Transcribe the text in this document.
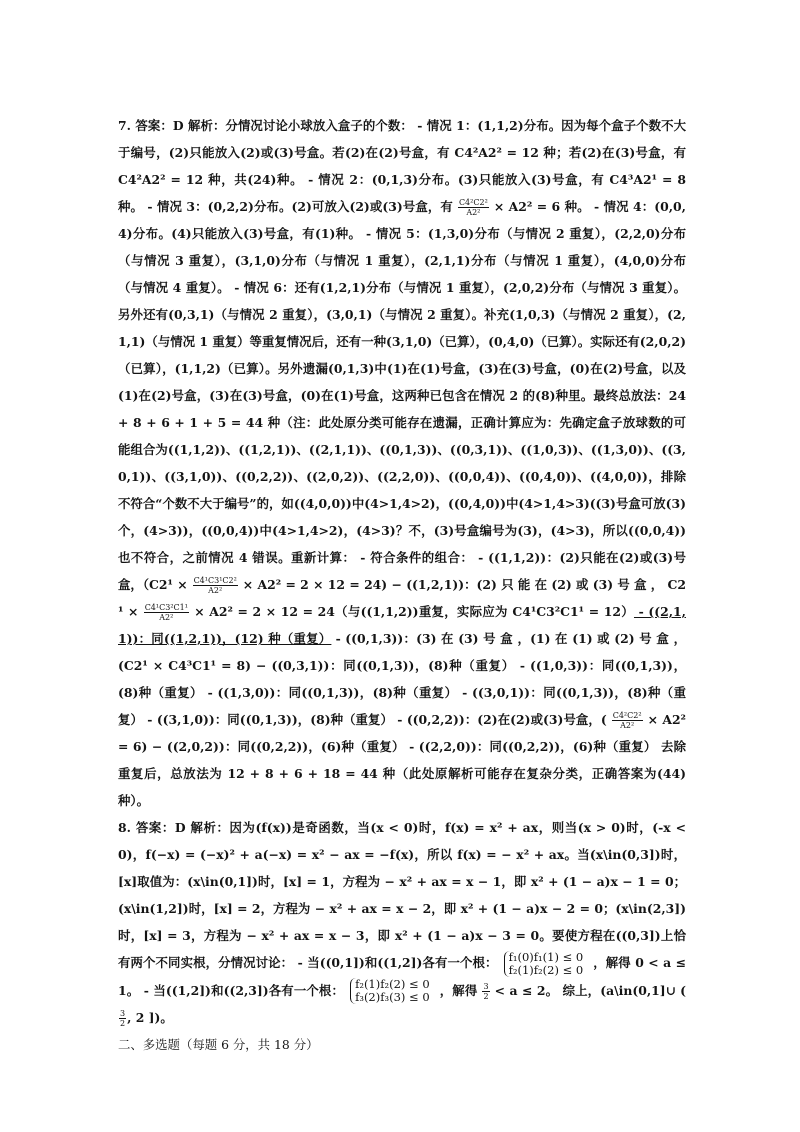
7. 答案：D 解析：分情况讨论小球放入盒子的个数： - 情况 1：(1,1,2)分布。因为每个盒子个数不大于编号，(2)只能放入(2)或(3)号盒。若(2)在(2)号盒，有 C4²A2² = 12 种；若(2)在(3)号盒，有 C4²A2² = 12 种，共(24)种。 - 情况 2：(0,1,3)分布。(3)只能放入(3)号盒，有 C4³A2¹ = 8 种。 - 情况 3：(0,2,2)分布。(2)可放入(2)或(3)号盒，有 $\frac{\text{C4²C2²}}{\text{A2²}} \times A2^2 = 6$ 种。 - 情况 4：(0,0,4)分布。(4)只能放入(3)号盒，有(1)种。 - 情况 5：(1,3,0)分布（与情况 2 重复），(2,2,0)分布（与情况 3 重复），(3,1,0)分布（与情况 1 重复），(2,1,1)分布（与情况 1 重复），(4,0,0)分布（与情况 4 重复）。 - 情况 6：还有(1,2,1)分布（与情况 1 重复），(2,0,2)分布（与情况 3 重复）。 另外还有(0,3,1)（与情况 2 重复），(3,0,1)（与情况 2 重复）。补充(1,0,3)（与情况 2 重复），(2,1,1)（与情况 1 重复）等重复情况后，还有一种(3,1,0)（已算），(0,4,0)（已算）。实际还有(2,0,2)（已算），(1,1,2)（已算）。另外遗漏(0,1,3)中(1)在(1)号盒，(3)在(3)号盒，(0)在(2)号盒，以及(1)在(2)号盒，(3)在(3)号盒，(0)在(1)号盒，这两种已包含在情况 2 的(8)种里。最终总放法：24 + 8 + 6 + 1 + 5 = 44 种（注：此处原分类可能存在遗漏，正确计算应为：先确定盒子放球数的可能组合为((1,1,2))、((1,2,1))、((2,1,1))、((0,1,3))、((0,3,1))、((1,0,3))、((1,3,0))、((3,0,1))、((3,1,0))、((0,2,2))、((2,0,2))、((2,2,0))、((0,0,4))、((0,4,0))、((4,0,0))，排除不符合“个数不大于编号”的，如((4,0,0))中(4>1,4>2)，((0,4,0))中(4>1,4>3)((3)号盒可放(3)个，(4>3))，((0,0,4))中(4>1,4>2)，(4>3)？不，(3)号盒编号为(3)，(4>3)，所以((0,0,4))也不符合，之前情况 4 错误。重新计算： - 符合条件的组合： - ((1,1,2))：(2)只能在(2)或(3)号盒，$(C2^1 \times \frac{\text{C4¹C3¹C2²}}{\text{A2²}} \times A2^2 = 2 \times 12 = 24) - ((1,2,1))$：(2) 只 能 在 (2) 或 (3) 号 盒 ， $C2^1 \times \frac{\text{C4¹C3²C1¹}}{\text{A2²}} \times A2^2 = 2 \times 12 = 24$（与((1,1,2))重复，实际应为 C4¹C3²C1¹ = 12） - ((2,1,1))：同((1,2,1))，(12) 种（重复） - ((0,1,3))：(3) 在 (3) 号 盒 ，(1) 在 (1) 或 (2) 号 盒 ，(C2¹ × C4³C1¹ = 8) − ((0,3,1))：同((0,1,3))，(8)种（重复） - ((1,0,3))：同((0,1,3))，(8)种（重复） - ((1,3,0))：同((0,1,3))，(8)种（重复） - ((3,0,1))：同((0,1,3))，(8)种（重复） - ((3,1,0))：同((0,1,3))，(8)种（重复） - ((0,2,2))：(2)在(2)或(3)号盒，( $\frac{\text{C4²C2²}}{\text{A2²}} \times A2^2 = 6) - ((2,0,2))$：同((0,2,2))，(6)种（重复） - ((2,2,0))：同((0,2,2))，(6)种（重复） 去除重复后，总放法为 12 + 8 + 6 + 18 = 44 种（此处原解析可能存在复杂分类，正确答案为(44)种）。

8. 答案：D 解析：因为(f(x))是奇函数，当(x < 0)时，f(x) = x² + ax，则当(x > 0)时，(-x < 0)，f(−x) = (−x)² + a(−x) = x² − ax = −f(x)，所以 f(x) = − x² + ax。当(x\in(0,3])时，[x]取值为：(x\in(0,1])时，[x] = 1，方程为 − x² + ax = x − 1，即 x² + (1 − a)x − 1 = 0；(x\in(1,2])时，[x] = 2，方程为 − x² + ax = x − 2，即 x² + (1 − a)x − 2 = 0；(x\in(2,3])时，[x] = 3，方程为 − x² + ax = x − 3，即 x² + (1 − a)x − 3 = 0。要使方程在((0,3])上恰有两个不同实根，分情况讨论： - 当((0,1])和((1,2])各有一个根： f₁(0)f₁(1) ≤ 0
f₂(1)f₂(2) ≤ 0 ，解得 0 < a ≤ 1。 - 当((1,2])和((2,3])各有一个根： f₂(1)f₂(2) ≤ 0
f₃(2)f₃(3) ≤ 0 ，解得 $\frac{3}{2} < a \le 2$。 综上，(a\in(0,1]∪ (
$\frac{3}{2}$ , 2 ])。

二、多选题（每题 6 分，共 18 分）
